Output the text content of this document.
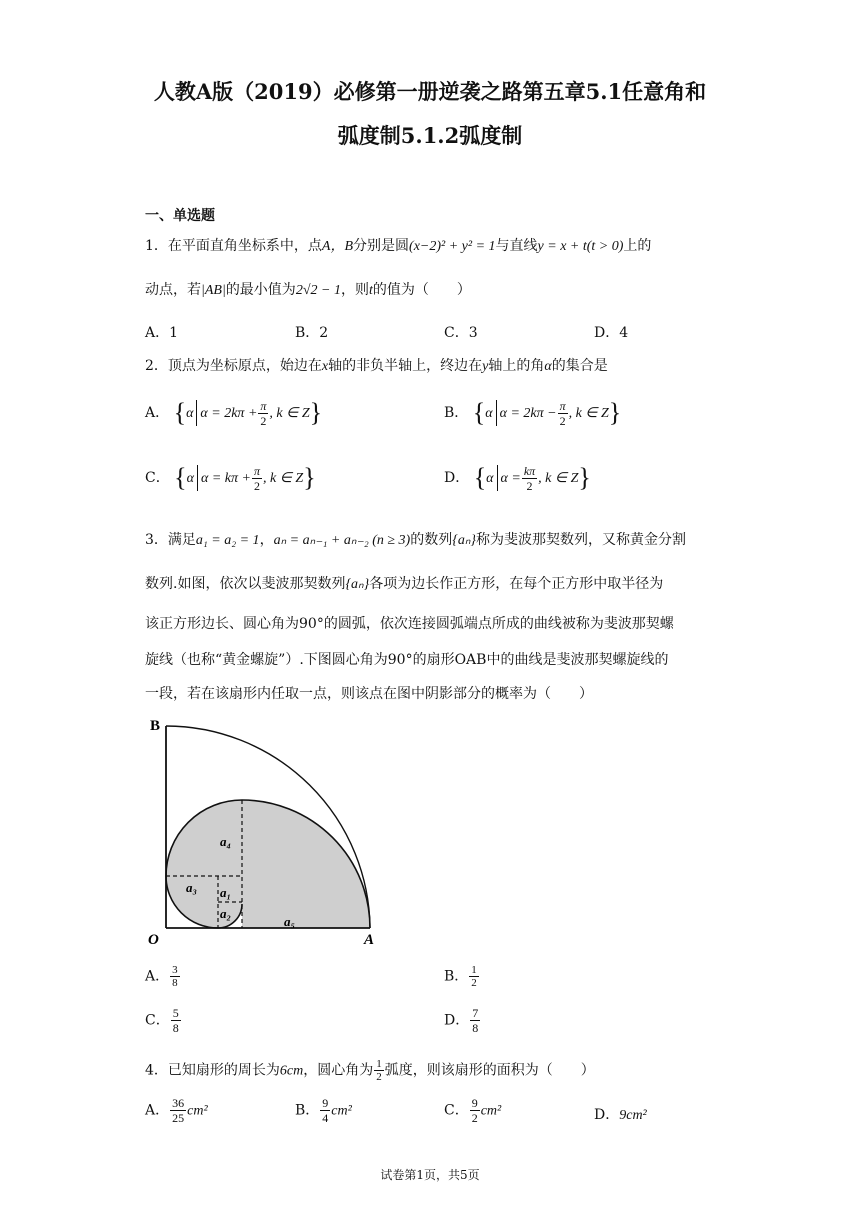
人教A版（2019）必修第一册逆袭之路第五章5.1任意角和
弧度制5.1.2弧度制
一、单选题
1．在平面直角坐标系中，点A，B分别是圆(x−2)² + y² = 1与直线y = x + t(t > 0)上的
动点，若|AB|的最小值为2√2 − 1，则t的值为（　　）
A．1	B．2	C．3	D．4
2．顶点为坐标原点，始边在x轴的非负半轴上，终边在y轴上的角α的集合是
A． {α $\alpha = 2k\pi + \frac{\pi}{2}$ , k ∈ Z}	B． {α $\alpha = 2k\pi - \frac{\pi}{2}$ , k ∈ Z}
C． {α $\alpha = k\pi + \frac{\pi}{2}$ , k ∈ Z}	D． {α $\alpha = \frac{k\pi}{2}$ , k ∈ Z}
3．满足a₁ = a₂ = 1，aₙ = aₙ₋₁ + aₙ₋₂ (n ≥ 3)的数列{aₙ}称为斐波那契数列，又称黄金分割
数列.如图，依次以斐波那契数列{aₙ}各项为边长作正方形，在每个正方形中取半径为
该正方形边长、圆心角为90°的圆弧，依次连接圆弧端点所成的曲线被称为斐波那契螺
旋线（也称“黄金螺旋”）.下图圆心角为90°的扇形OAB中的曲线是斐波那契螺旋线的
一段，若在该扇形内任取一点，则该点在图中阴影部分的概率为（　　）
B
O	A
a₁
a₂
a₃
a₄
a₅
A． $\frac{3}{8}$	B． $\frac{1}{2}$
C． $\frac{5}{8}$	D． $\frac{7}{8}$
4．已知扇形的周长为6cm，圆心角为 $\frac{1}{2}$ 弧度，则该扇形的面积为（　　）
A． $\frac{36}{25} cm^2$	B． $\frac{9}{4} cm^2$	C． $\frac{9}{2} cm^2$	D．9cm²
试卷第1页，共5页
